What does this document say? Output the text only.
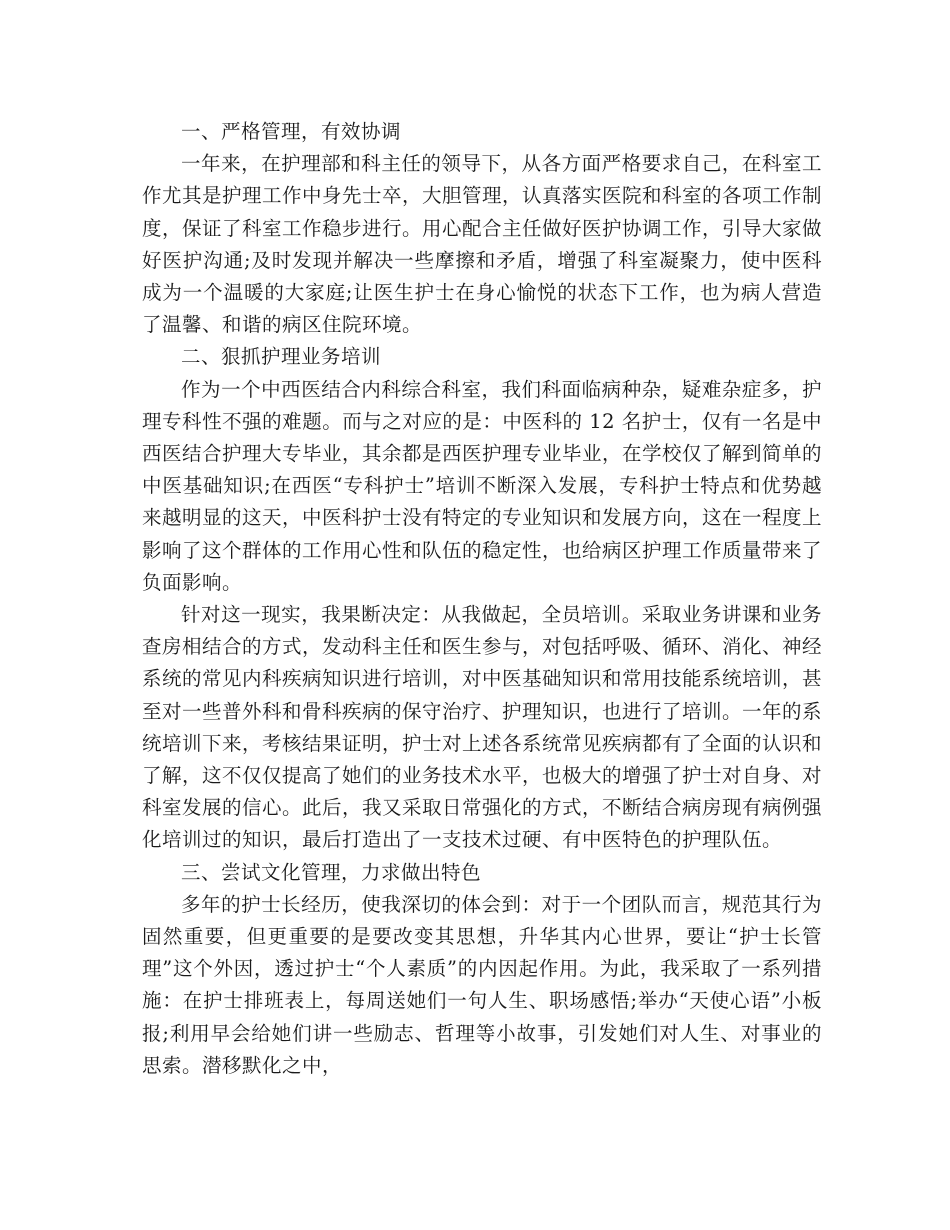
一、严格管理，有效协调

一年来，在护理部和科主任的领导下，从各方面严格要求自己，在科室工作尤其是护理工作中身先士卒，大胆管理，认真落实医院和科室的各项工作制度，保证了科室工作稳步进行。用心配合主任做好医护协调工作，引导大家做好医护沟通;及时发现并解决一些摩擦和矛盾，增强了科室凝聚力，使中医科成为一个温暖的大家庭;让医生护士在身心愉悦的状态下工作，也为病人营造了温馨、和谐的病区住院环境。

二、狠抓护理业务培训

作为一个中西医结合内科综合科室，我们科面临病种杂，疑难杂症多，护理专科性不强的难题。而与之对应的是：中医科的 12 名护士，仅有一名是中西医结合护理大专毕业，其余都是西医护理专业毕业，在学校仅了解到简单的中医基础知识;在西医“专科护士”培训不断深入发展，专科护士特点和优势越来越明显的这天，中医科护士没有特定的专业知识和发展方向，这在一程度上影响了这个群体的工作用心性和队伍的稳定性，也给病区护理工作质量带来了负面影响。

针对这一现实，我果断决定：从我做起，全员培训。采取业务讲课和业务查房相结合的方式，发动科主任和医生参与，对包括呼吸、循环、消化、神经系统的常见内科疾病知识进行培训，对中医基础知识和常用技能系统培训，甚至对一些普外科和骨科疾病的保守治疗、护理知识，也进行了培训。一年的系统培训下来，考核结果证明，护士对上述各系统常见疾病都有了全面的认识和了解，这不仅仅提高了她们的业务技术水平，也极大的增强了护士对自身、对科室发展的信心。此后，我又采取日常强化的方式，不断结合病房现有病例强化培训过的知识，最后打造出了一支技术过硬、有中医特色的护理队伍。

三、尝试文化管理，力求做出特色

多年的护士长经历，使我深切的体会到：对于一个团队而言，规范其行为固然重要，但更重要的是要改变其思想，升华其内心世界，要让“护士长管理”这个外因，透过护士“个人素质”的内因起作用。为此，我采取了一系列措施：在护士排班表上，每周送她们一句人生、职场感悟;举办“天使心语”小板报;利用早会给她们讲一些励志、哲理等小故事，引发她们对人生、对事业的思索。潜移默化之中，
